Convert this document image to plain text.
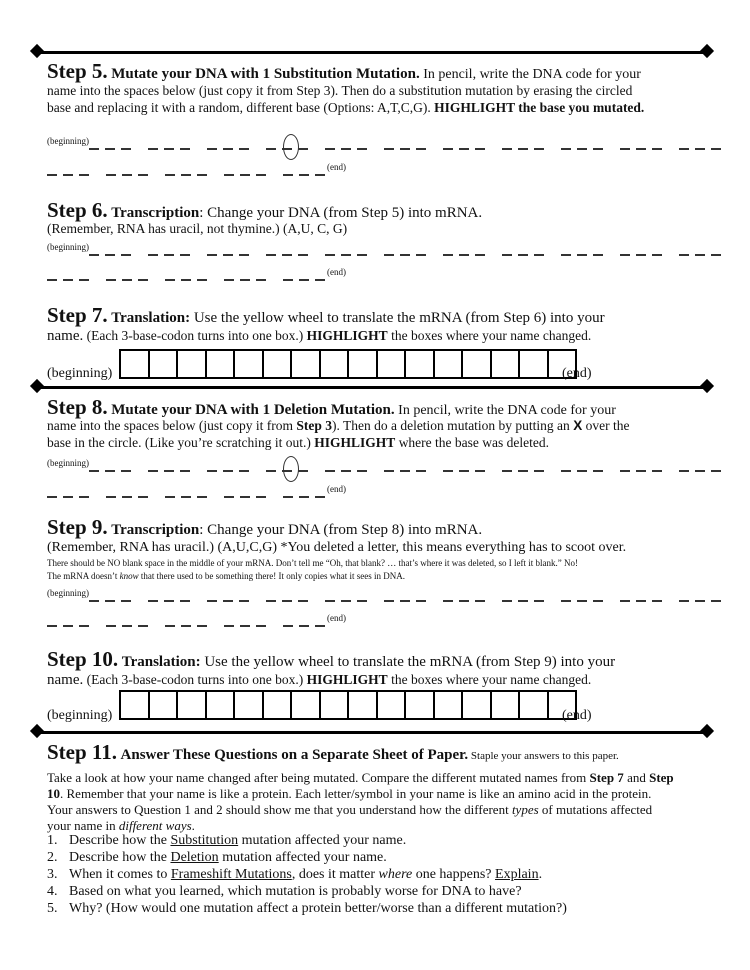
Step 5. Mutate your DNA with 1 Substitution Mutation. In pencil, write the DNA code for your
name into the spaces below (just copy it from Step 3). Then do a substitution mutation by erasing the circled
base and replacing it with a random, different base (Options: A,T,C,G). HIGHLIGHT the base you mutated.
(beginning)
(end)
Step 6. Transcription: Change your DNA (from Step 5) into mRNA.
(Remember, RNA has uracil, not thymine.) (A,U, C, G)
(beginning)
(end)
Step 7. Translation: Use the yellow wheel to translate the mRNA (from Step 6) into your
name. (Each 3-base-codon turns into one box.) HIGHLIGHT the boxes where your name changed.
(beginning)	(end)
Step 8. Mutate your DNA with 1 Deletion Mutation. In pencil, write the DNA code for your
name into the spaces below (just copy it from Step 3). Then do a deletion mutation by putting an X over the
base in the circle. (Like you’re scratching it out.) HIGHLIGHT where the base was deleted.
(beginning)
(end)
Step 9. Transcription: Change your DNA (from Step 8) into mRNA.
(Remember, RNA has uracil.) (A,U,C,G) *You deleted a letter, this means everything has to scoot over.
There should be NO blank space in the middle of your mRNA. Don’t tell me “Oh, that blank? … that’s where it was deleted, so I left it blank.” No!
The mRNA doesn’t know that there used to be something there! It only copies what it sees in DNA.
(beginning)
(end)
Step 10. Translation: Use the yellow wheel to translate the mRNA (from Step 9) into your
name. (Each 3-base-codon turns into one box.) HIGHLIGHT the boxes where your name changed.
(beginning)	(end)
Step 11. Answer These Questions on a Separate Sheet of Paper. Staple your answers to this paper.
Take a look at how your name changed after being mutated. Compare the different mutated names from Step 7 and Step
10. Remember that your name is like a protein. Each letter/symbol in your name is like an amino acid in the protein.
Your answers to Question 1 and 2 should show me that you understand how the different types of mutations affected
your name in different ways.
1. Describe how the Substitution mutation affected your name.
2. Describe how the Deletion mutation affected your name.
3. When it comes to Frameshift Mutations, does it matter where one happens? Explain.
4. Based on what you learned, which mutation is probably worse for DNA to have?
5. Why? (How would one mutation affect a protein better/worse than a different mutation?)
